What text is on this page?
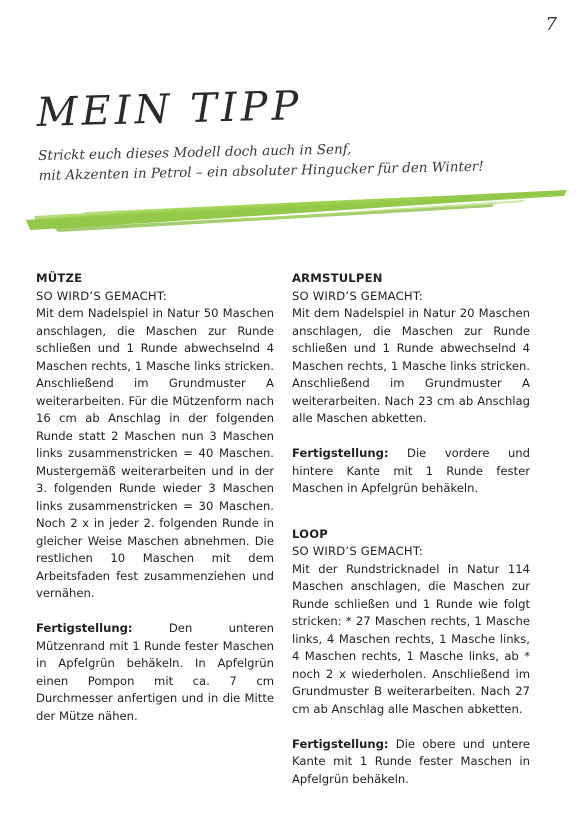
7
MEIN TIPP
Strickt euch dieses Modell doch auch in Senf,
mit Akzenten in Petrol – ein absoluter Hingucker für den Winter!
MÜTZE
SO WIRD’S GEMACHT:

Mit dem Nadelspiel in Natur 50 Maschen anschlagen, die Maschen zur Runde schließen und 1 Runde abwechselnd 4 Maschen rechts, 1 Masche links stricken. Anschließend im Grundmuster A weiterarbeiten. Für die Mützenform nach 16 cm ab Anschlag in der folgenden Runde statt 2 Maschen nun 3 Maschen links zusammenstricken = 40 Maschen. Mustergemäß weiterarbeiten und in der 3. folgenden Runde wieder 3 Maschen links zusammenstricken = 30 Maschen. Noch 2 x in jeder 2. folgenden Runde in gleicher Weise Maschen abnehmen. Die restlichen 10 Maschen mit dem Arbeitsfaden fest zusammenziehen und vernähen.

Fertigstellung: Den unteren Mützenrand mit 1 Runde fester Maschen in Apfelgrün behäkeln. In Apfelgrün einen Pompon mit ca. 7 cm Durchmesser anfertigen und in die Mitte der Mütze nähen.

ARMSTULPEN
SO WIRD’S GEMACHT:

Mit dem Nadelspiel in Natur 20 Maschen anschlagen, die Maschen zur Runde schließen und 1 Runde abwechselnd 4 Maschen rechts, 1 Masche links stricken. Anschließend im Grundmuster A weiterarbeiten. Nach 23 cm ab Anschlag alle Maschen abketten.

Fertigstellung: Die vordere und hintere Kante mit 1 Runde fester Maschen in Apfelgrün behäkeln.

LOOP
SO WIRD’S GEMACHT:

Mit der Rundstricknadel in Natur 114 Maschen anschlagen, die Maschen zur Runde schließen und 1 Runde wie folgt stricken: * 27 Maschen rechts, 1 Masche links, 4 Maschen rechts, 1 Masche links, 4 Maschen rechts, 1 Masche links, ab * noch 2 x wiederholen. Anschließend im Grundmuster B weiterarbeiten. Nach 27 cm ab Anschlag alle Maschen abketten.

Fertigstellung: Die obere und untere Kante mit 1 Runde fester Maschen in Apfelgrün behäkeln.
